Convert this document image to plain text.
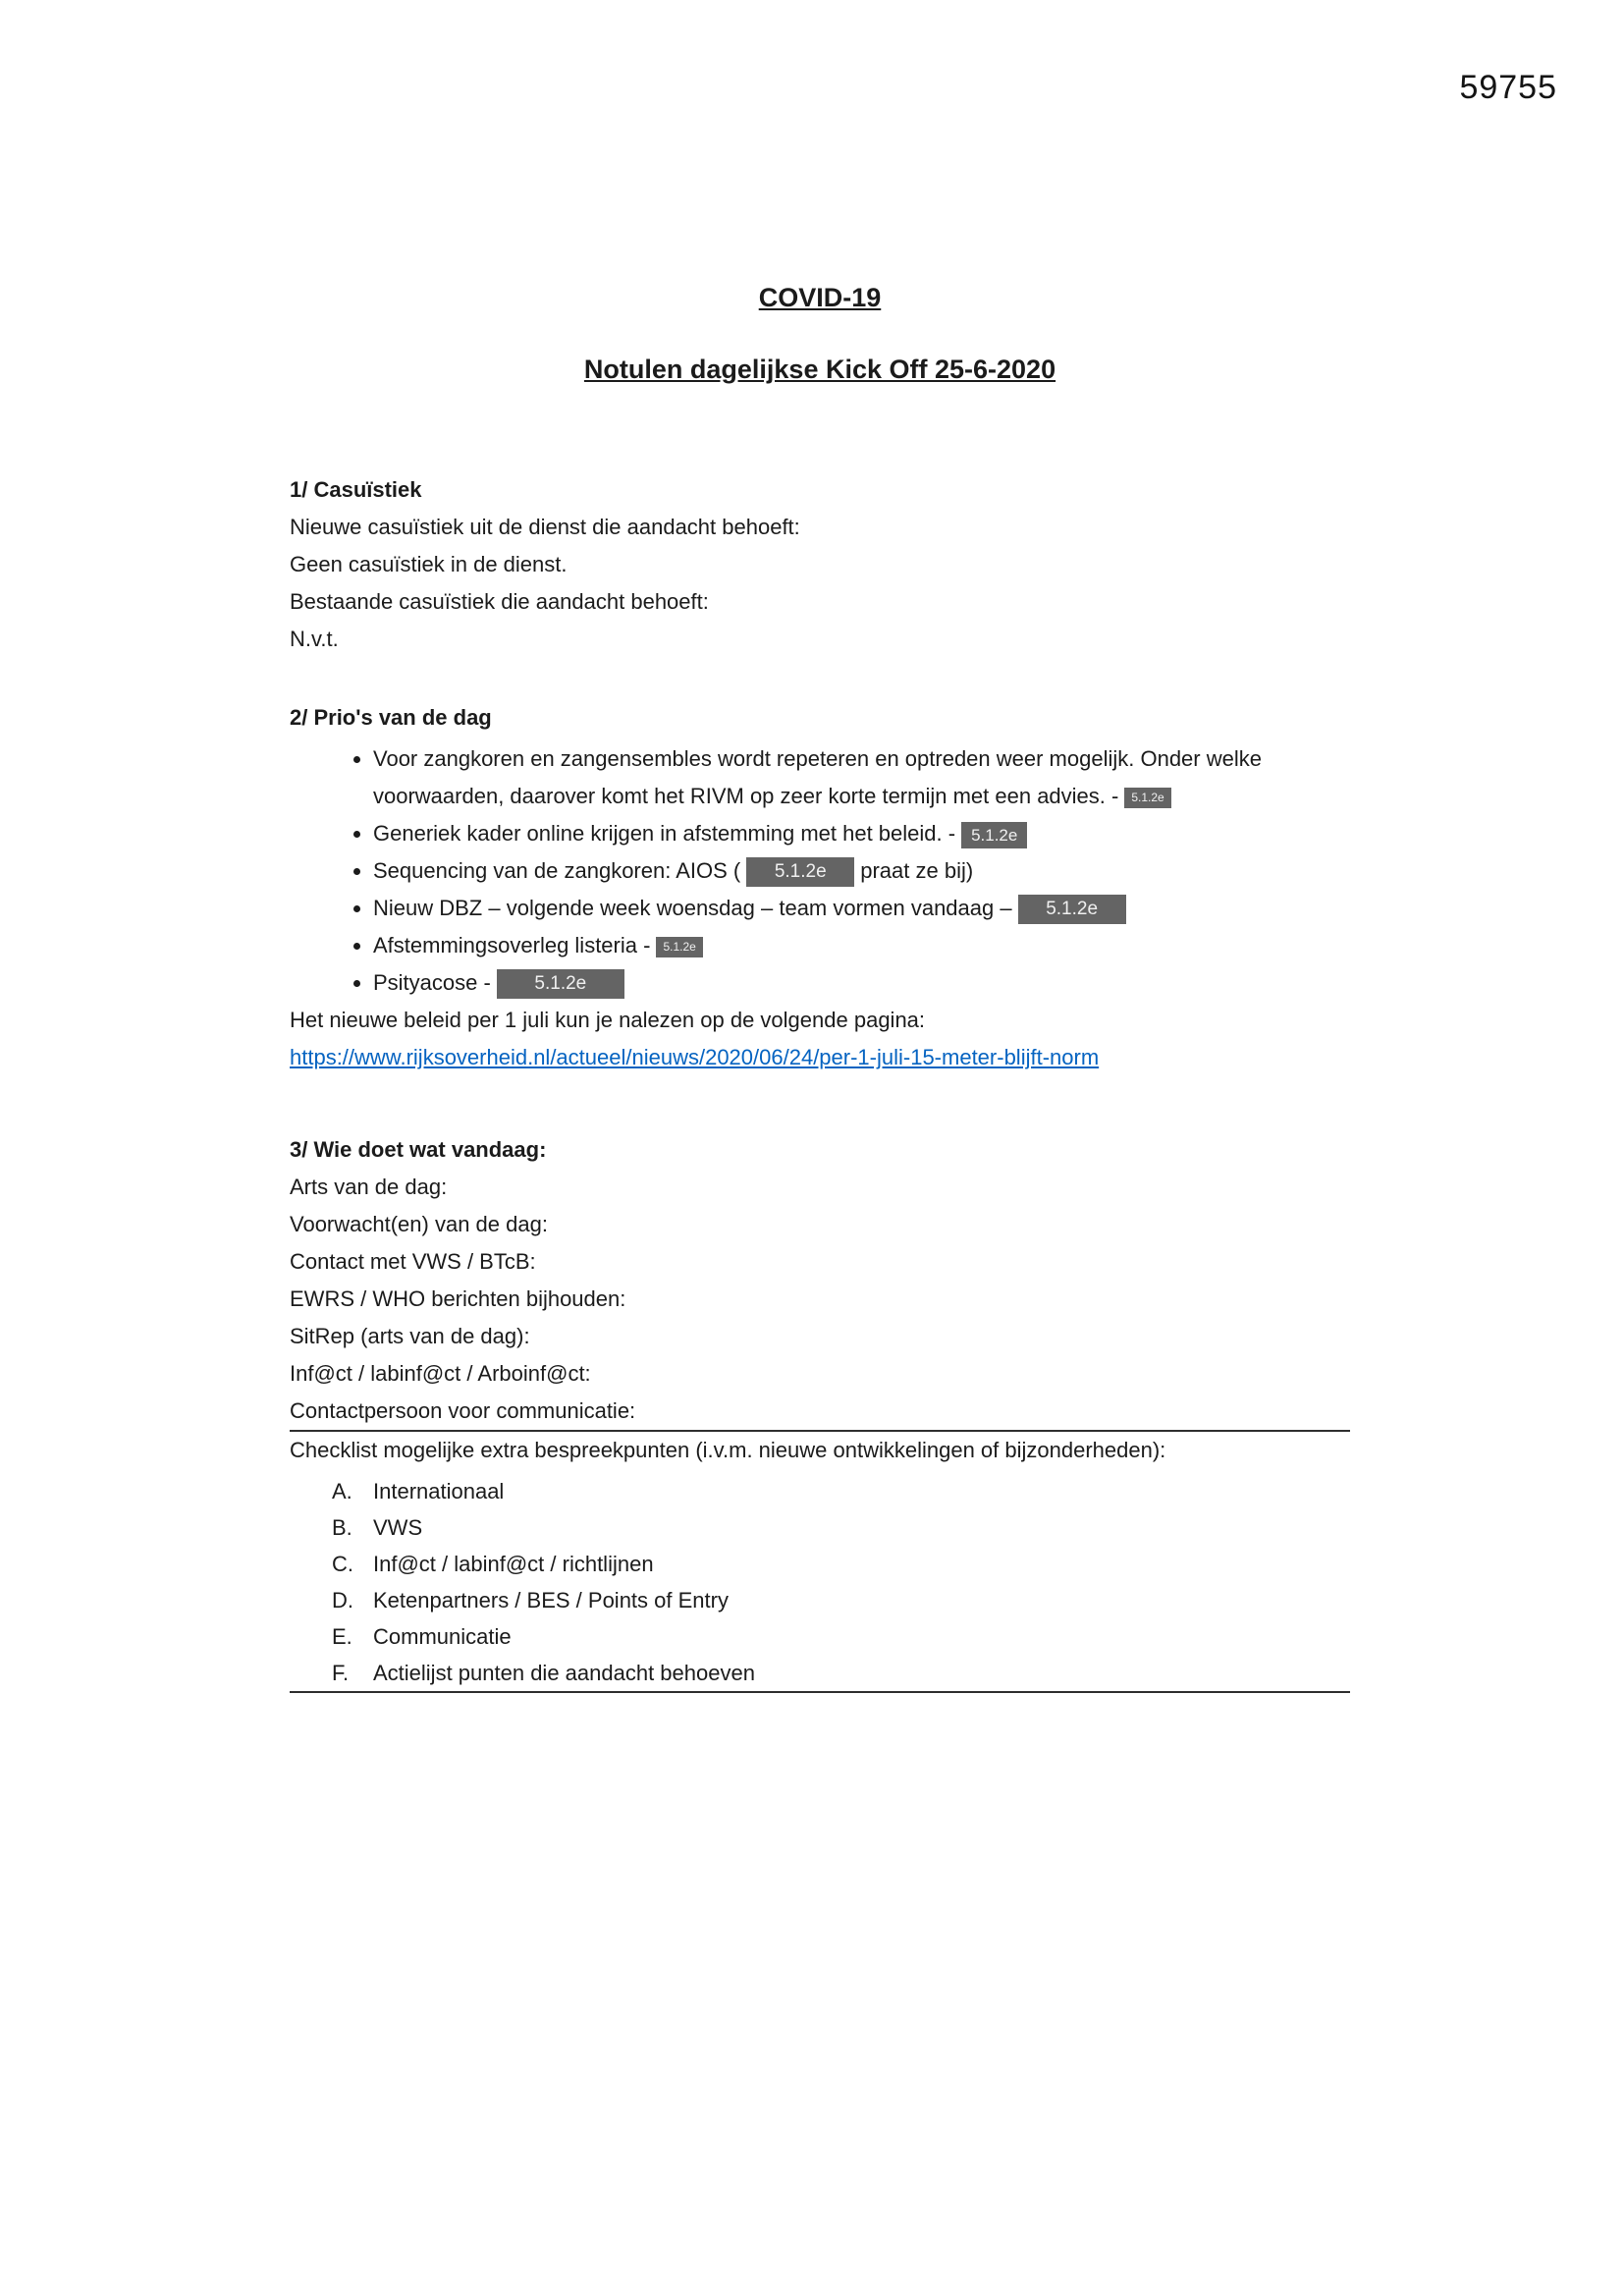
59755
COVID-19
Notulen dagelijkse Kick Off 25-6-2020
1/ Casuïstiek

Nieuwe casuïstiek uit de dienst die aandacht behoeft:

Geen casuïstiek in de dienst.

Bestaande casuïstiek die aandacht behoeft:

N.v.t.

2/ Prio's van de dag
• Voor zangkoren en zangensembles wordt repeteren en optreden weer mogelijk. Onder welke voorwaarden, daarover komt het RIVM op zeer korte termijn met een advies. - 5.1.2e
• Generiek kader online krijgen in afstemming met het beleid. - 5.1.2e
• Sequencing van de zangkoren: AIOS ( 5.1.2e praat ze bij)
• Nieuw DBZ – volgende week woensdag – team vormen vandaag – 5.1.2e
• Afstemmingsoverleg listeria - 5.1.2e
• Psityacose - 5.1.2e

Het nieuwe beleid per 1 juli kun je nalezen op de volgende pagina:

https://www.rijksoverheid.nl/actueel/nieuws/2020/06/24/per-1-juli-15-meter-blijft-norm
3/ Wie doet wat vandaag:

Arts van de dag:

Voorwacht(en) van de dag:

Contact met VWS / BTcB:

EWRS / WHO berichten bijhouden:

SitRep (arts van de dag):

Inf@ct / labinf@ct / Arboinf@ct:

Contactpersoon voor communicatie:

Checklist mogelijke extra bespreekpunten (i.v.m. nieuwe ontwikkelingen of bijzonderheden):

A. Internationaal
B. VWS
C. Inf@ct / labinf@ct / richtlijnen
D. Ketenpartners / BES / Points of Entry
E. Communicatie
F.	Actielijst punten die aandacht behoeven
